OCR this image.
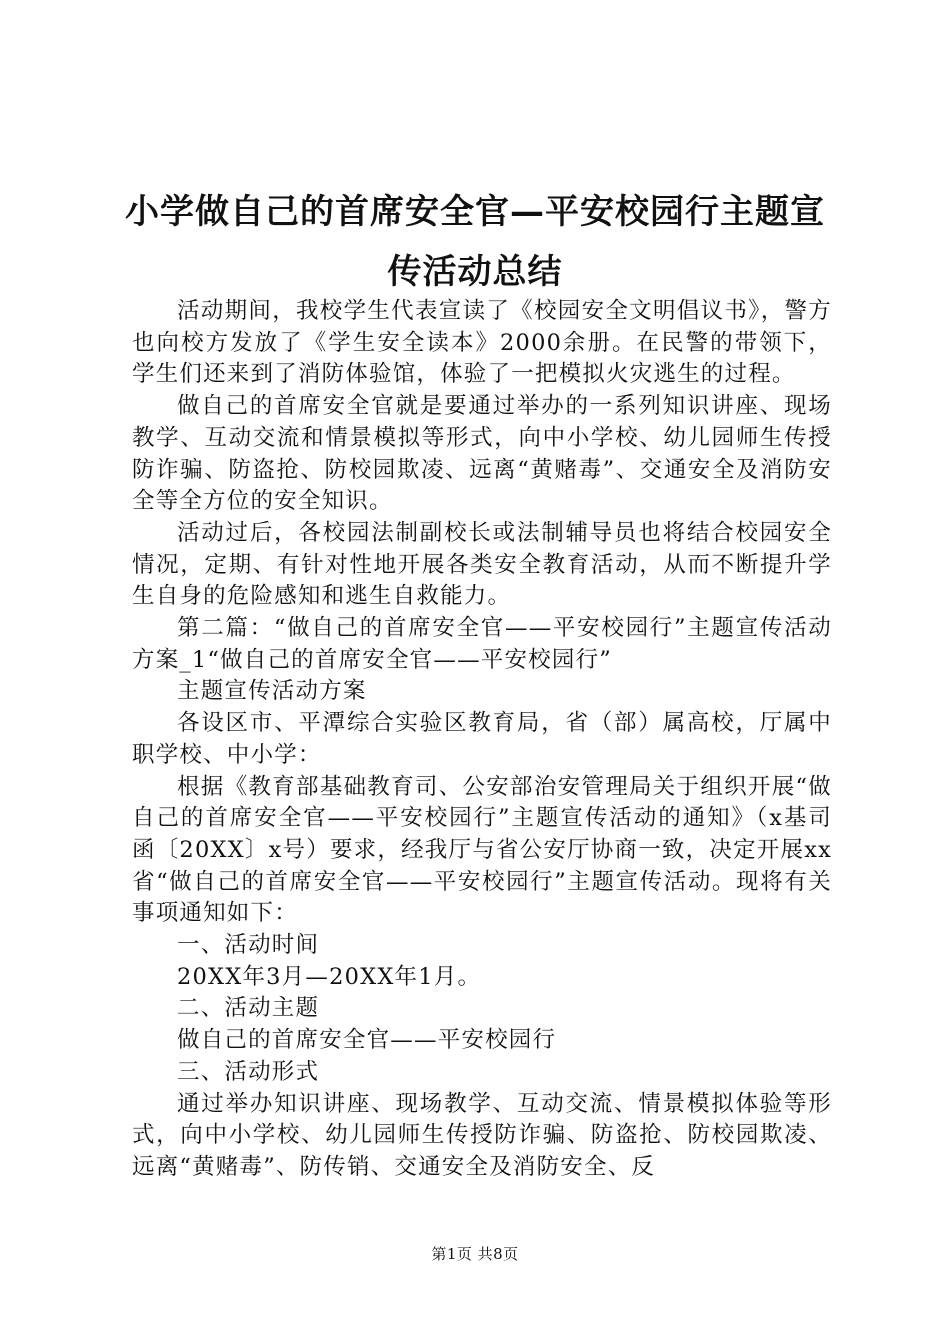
小学做自己的首席安全官—平安校园行主题宣
传活动总结

活动期间，我校学生代表宣读了《校园安全文明倡议书》，警方也向校方发放了《学生安全读本》2000余册。在民警的带领下，学生们还来到了消防体验馆，体验了一把模拟火灾逃生的过程。

做自己的首席安全官就是要通过举办的一系列知识讲座、现场教学、互动交流和情景模拟等形式，向中小学校、幼儿园师生传授防诈骗、防盗抢、防校园欺凌、远离“黄赌毒”、交通安全及消防安全等全方位的安全知识。

活动过后，各校园法制副校长或法制辅导员也将结合校园安全情况，定期、有针对性地开展各类安全教育活动，从而不断提升学生自身的危险感知和逃生自救能力。

第二篇：“做自己的首席安全官——平安校园行”主题宣传活动方案_1“做自己的首席安全官——平安校园行”

主题宣传活动方案

各设区市、平潭综合实验区教育局，省（部）属高校，厅属中职学校、中小学：

根据《教育部基础教育司、公安部治安管理局关于组织开展“做自己的首席安全官——平安校园行”主题宣传活动的通知》（x基司函〔20XX〕x号）要求，经我厅与省公安厅协商一致，决定开展xx省“做自己的首席安全官——平安校园行”主题宣传活动。现将有关事项通知如下：

一、活动时间

20XX年3月—20XX年1月。

二、活动主题

做自己的首席安全官——平安校园行

三、活动形式

通过举办知识讲座、现场教学、互动交流、情景模拟体验等形式，向中小学校、幼儿园师生传授防诈骗、防盗抢、防校园欺凌、远离“黄赌毒”、防传销、交通安全及消防安全、反

第1页 共8页
